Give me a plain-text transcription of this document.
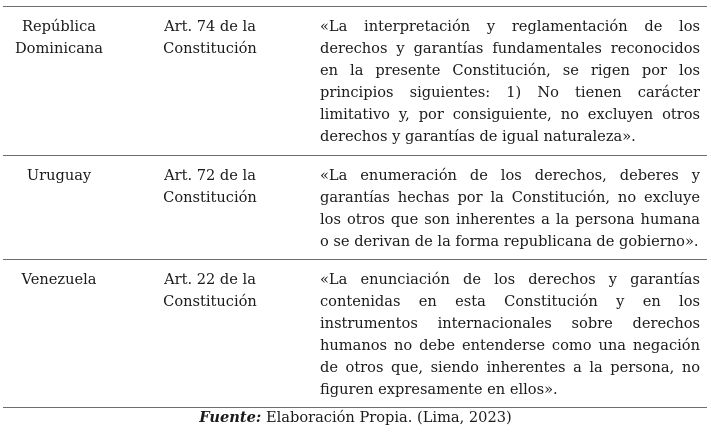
República
Dominicana
Art. 74 de la
Constitución
«La interpretación y reglamentación de los derechos y garantías fundamentales reconocidos en la presente Constitución, se rigen por los principios siguientes: 1) No tienen carácter limitativo y, por consiguiente, no excluyen otros derechos y garantías de igual naturaleza».
Uruguay	Art. 72 de la
Constitución
«La enumeración de los derechos, deberes y garantías hechas por la Constitución, no excluye los otros que son inherentes a la persona humana o se derivan de la forma republicana de gobierno».
Venezuela	Art. 22 de la
Constitución
«La enunciación de los derechos y garantías contenidas en esta Constitución y en los instrumentos internacionales sobre derechos humanos no debe entenderse como una negación de otros que, siendo inherentes a la persona, no figuren expresamente en ellos».
Fuente: Elaboración Propia. (Lima, 2023)
